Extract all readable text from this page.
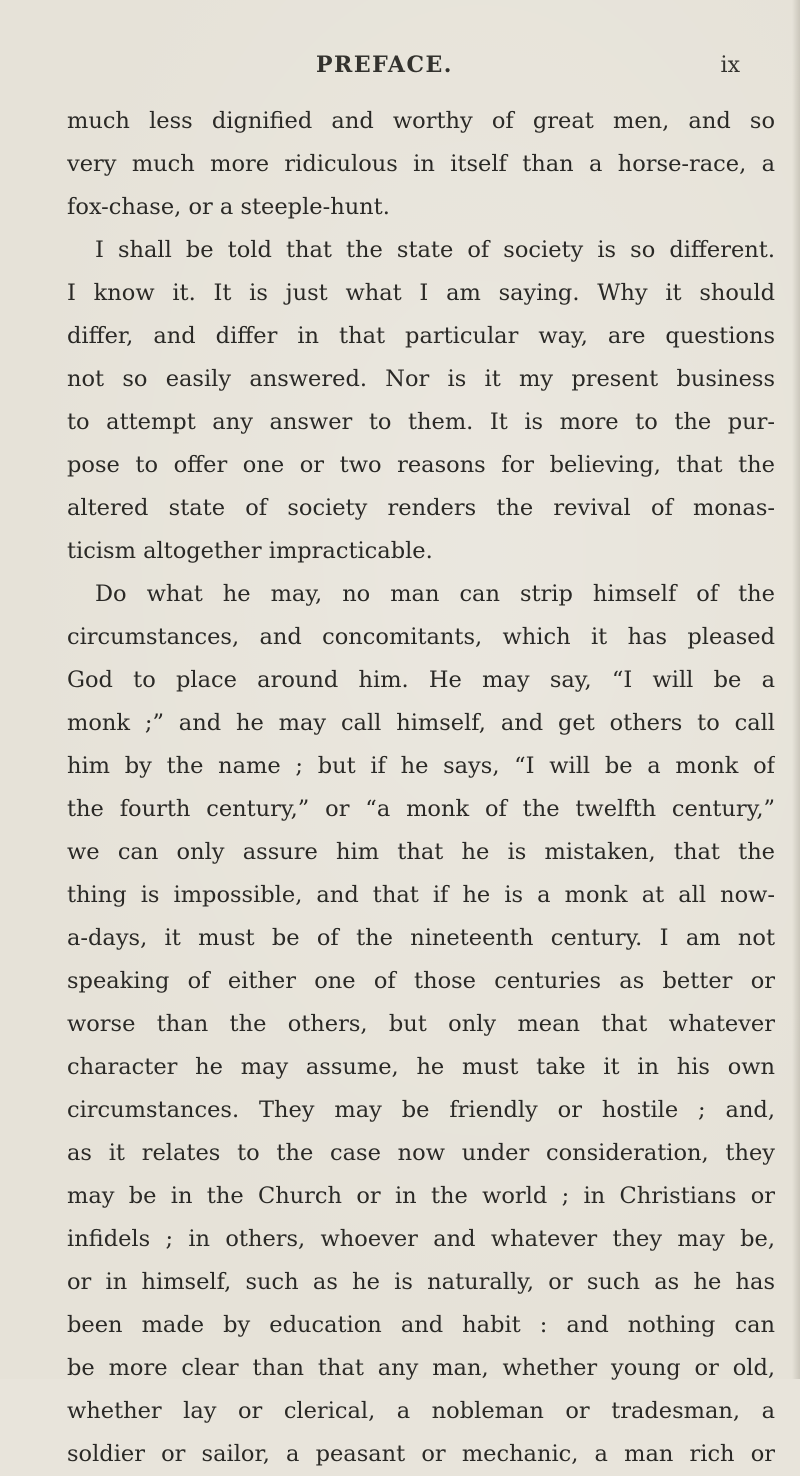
PREFACE.	ix
much less dignified and worthy of great men, and so
very much more ridiculous in itself than a horse-race, a
fox-chase, or a steeple-hunt.
I shall be told that the state of society is so different.
I know it. It is just what I am saying. Why it should
differ, and differ in that particular way, are questions
not so easily answered. Nor is it my present business
to attempt any answer to them. It is more to the pur-
pose to offer one or two reasons for believing, that the
altered state of society renders the revival of monas-
ticism altogether impracticable.
Do what he may, no man can strip himself of the
circumstances, and concomitants, which it has pleased
God to place around him. He may say, “I will be a
monk ;” and he may call himself, and get others to call
him by the name ; but if he says, “I will be a monk of
the fourth century,” or “a monk of the twelfth century,”
we can only assure him that he is mistaken, that the
thing is impossible, and that if he is a monk at all now-
a-days, it must be of the nineteenth century. I am not
speaking of either one of those centuries as better or
worse than the others, but only mean that whatever
character he may assume, he must take it in his own
circumstances. They may be friendly or hostile ; and,
as it relates to the case now under consideration, they
may be in the Church or in the world ; in Christians or
infidels ; in others, whoever and whatever they may be,
or in himself, such as he is naturally, or such as he has
been made by education and habit : and nothing can
be more clear than that any man, whether young or old,
whether lay or clerical, a nobleman or tradesman, a
soldier or sailor, a peasant or mechanic, a man rich or
